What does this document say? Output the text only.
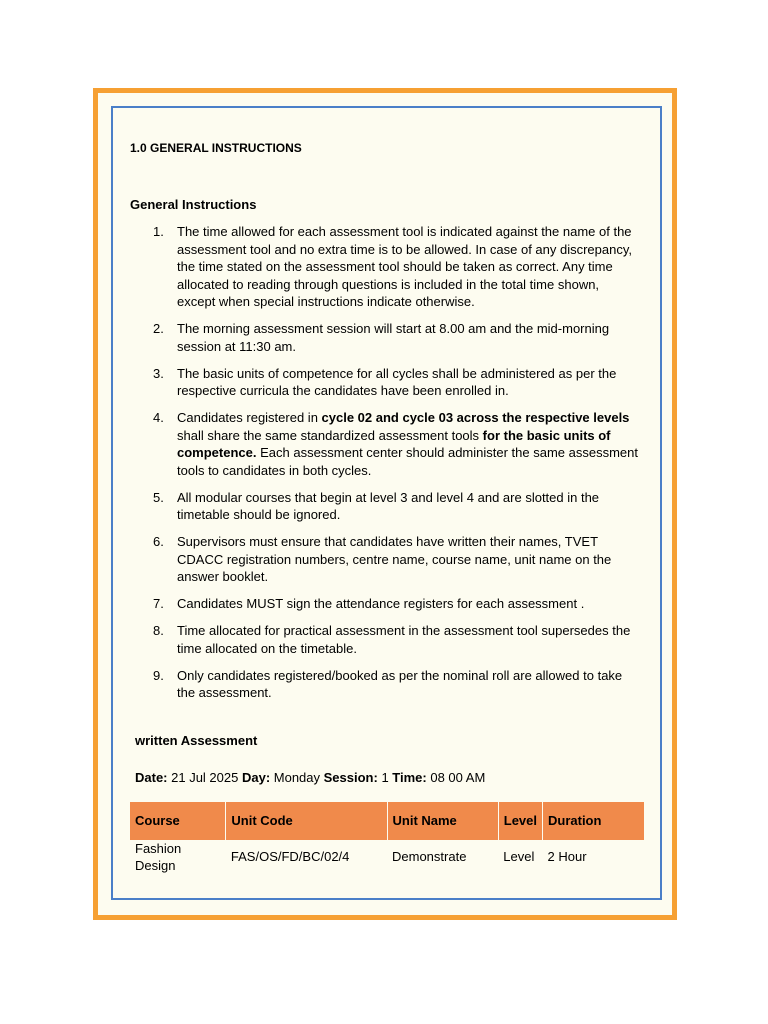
1.0 GENERAL INSTRUCTIONS

General Instructions

1. The time allowed for each assessment tool is indicated against the name of the assessment tool and no extra time is to be allowed. In case of any discrepancy, the time stated on the assessment tool should be taken as correct. Any time allocated to reading through questions is included in the total time shown, except when special instructions indicate otherwise.
2. The morning assessment session will start at 8.00 am and the mid-morning session at 11:30 am.
3. The basic units of competence for all cycles shall be administered as per the respective curricula the candidates have been enrolled in.
4. Candidates registered in cycle 02 and cycle 03 across the respective levels shall share the same standardized assessment tools for the basic units of competence. Each assessment center should administer the same assessment tools to candidates in both cycles.
5. All modular courses that begin at level 3 and level 4 and are slotted in the timetable should be ignored.
6. Supervisors must ensure that candidates have written their names, TVET CDACC registration numbers, centre name, course name, unit name on the answer booklet.
7. Candidates MUST sign the attendance registers for each assessment .
8. Time allocated for practical assessment in the assessment tool supersedes the time allocated on the timetable.
9. Only candidates registered/booked as per the nominal roll are allowed to take the assessment.

written Assessment

Date: 21 Jul 2025 Day: Monday Session: 1 Time: 08 00 AM

Course	Unit Code	Unit Name	Level	Duration
Fashion Design	FAS/OS/FD/BC/02/4	Demonstrate	Level	2 Hour
